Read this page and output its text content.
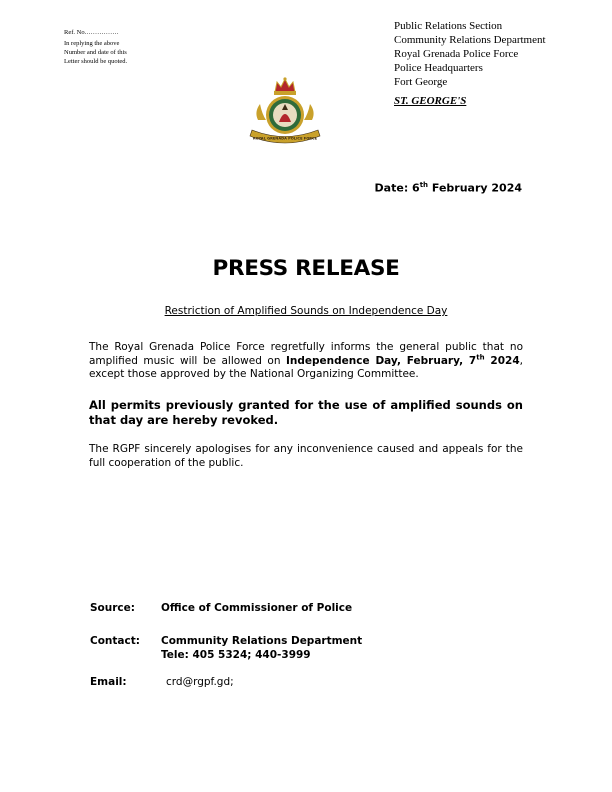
Ref. No.……………
In replying the above
Number and date of this
Letter should be quoted.
Public Relations Section
Community Relations Department
Royal Grenada Police Force
Police Headquarters
Fort George
ST. GEORGE'S
ROYAL GRENADA POLICE FORCE
Date: 6th February 2024
PRESS RELEASE
Restriction of Amplified Sounds on Independence Day
The Royal Grenada Police Force regretfully informs the general public that no amplified music will be allowed on Independence Day, February, 7th 2024, except those approved by the National Organizing Committee.
All permits previously granted for the use of amplified sounds on that day are hereby revoked.
The RGPF sincerely apologises for any inconvenience caused and appeals for the full cooperation of the public.
Source: Office of Commissioner of Police
Contact: Community Relations Department
Tele: 405 5324; 440-3999
Email:	crd@rgpf.gd;
